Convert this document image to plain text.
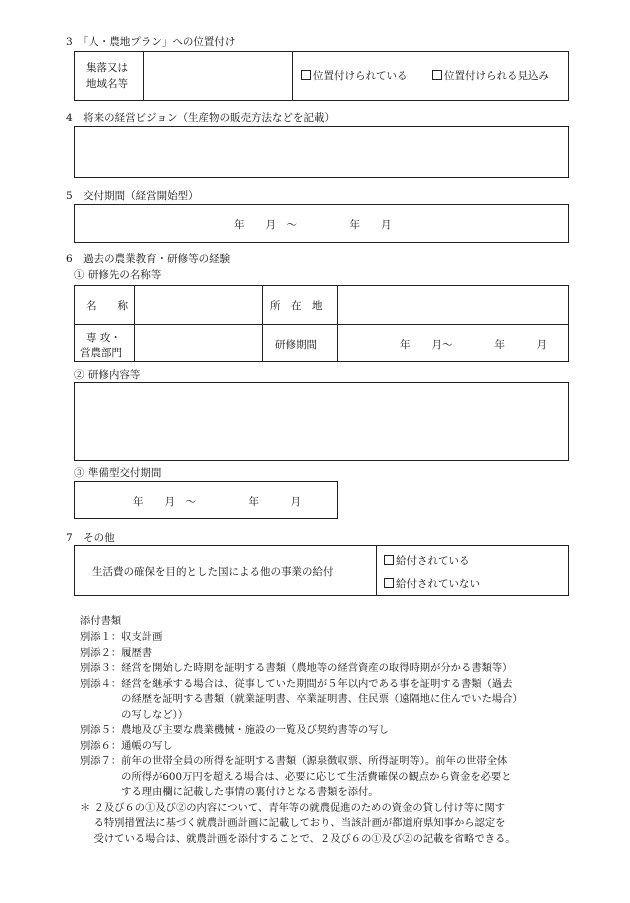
3　「人・農地プラン」への位置付け
集落又は
地域名等
位置付けられている	位置付けられる見込み
4　将来の経営ビジョン（生産物の販売方法などを記載）
5　交付期間（経営開始型）
年　　月　～　　　　　年　　月
6　過去の農業教育・研修等の経験
① 研修先の名称等
名　　称	所　在　地
専 攻・
営農部門
研修期間	年　　月～　　　　年　　　月
② 研修内容等
③ 準備型交付期間
年　　月　～　　　　　年　　　月
7　その他
生活費の確保を目的とした国による他の事業の給付
給付されている
給付されていない
添付書類
別添１：収支計画
別添２：履歴書
別添３：経営を開始した時期を証明する書類（農地等の経営資産の取得時期が分かる書類等）
別添４：経営を継承する場合は、従事していた期間が５年以内である事を証明する書類（過去
　　　　の経歴を証明する書類（就業証明書、卒業証明書、住民票（遠隔地に住んでいた場合）
　　　　の写しなど））
別添５：農地及び主要な農業機械・施設の一覧及び契約書等の写し
別添６：通帳の写し
別添７：前年の世帯全員の所得を証明する書類（源泉徴収票、所得証明等）。前年の世帯全体
　　　　の所得が600万円を超える場合は、必要に応じて生活費確保の観点から資金を必要と
　　　　する理由欄に記載した事情の裏付けとなる書類を添付。
＊ ２及び６の①及び②の内容について、青年等の就農促進のための資金の貸し付け等に関す
　 る特別措置法に基づく就農計画計画に記載しており、当該計画が都道府県知事から認定を
　 受けている場合は、就農計画を添付することで、２及び６の①及び②の記載を省略できる。
